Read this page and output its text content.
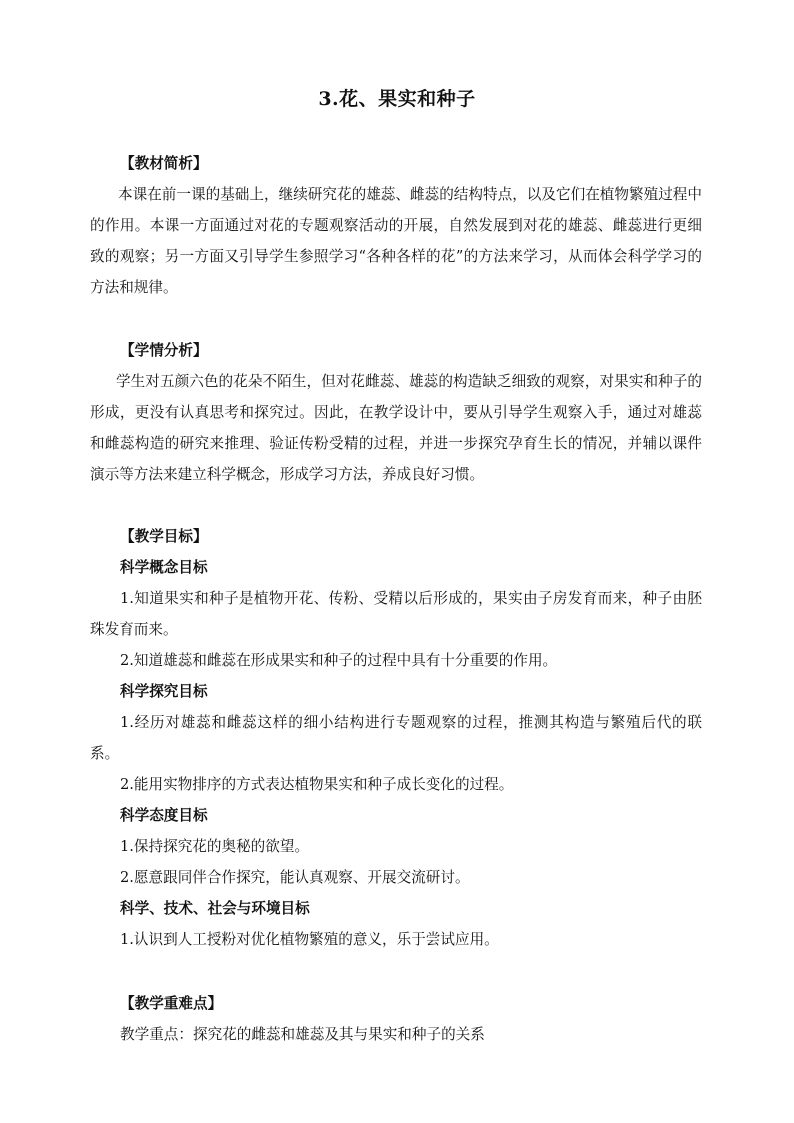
3.花、果实和种子
【教材简析】

本课在前一课的基础上，继续研究花的雄蕊、雌蕊的结构特点，以及它们在植物繁殖过程中的作用。本课一方面通过对花的专题观察活动的开展，自然发展到对花的雄蕊、雌蕊进行更细致的观察；另一方面又引导学生参照学习“各种各样的花”的方法来学习，从而体会科学学习的方法和规律。

【学情分析】

学生对五颜六色的花朵不陌生，但对花雌蕊、雄蕊的构造缺乏细致的观察，对果实和种子的形成，更没有认真思考和探究过。因此，在教学设计中，要从引导学生观察入手，通过对雄蕊和雌蕊构造的研究来推理、验证传粉受精的过程，并进一步探究孕育生长的情况，并辅以课件演示等方法来建立科学概念，形成学习方法，养成良好习惯。

【教学目标】
科学概念目标

1.知道果实和种子是植物开花、传粉、受精以后形成的，果实由子房发育而来，种子由胚珠发育而来。

2.知道雄蕊和雌蕊在形成果实和种子的过程中具有十分重要的作用。

科学探究目标

1.经历对雄蕊和雌蕊这样的细小结构进行专题观察的过程，推测其构造与繁殖后代的联系。

2.能用实物排序的方式表达植物果实和种子成长变化的过程。

科学态度目标

1.保持探究花的奥秘的欲望。

2.愿意跟同伴合作探究，能认真观察、开展交流研讨。

科学、技术、社会与环境目标

1.认识到人工授粉对优化植物繁殖的意义，乐于尝试应用。

【教学重难点】

教学重点：探究花的雌蕊和雄蕊及其与果实和种子的关系
